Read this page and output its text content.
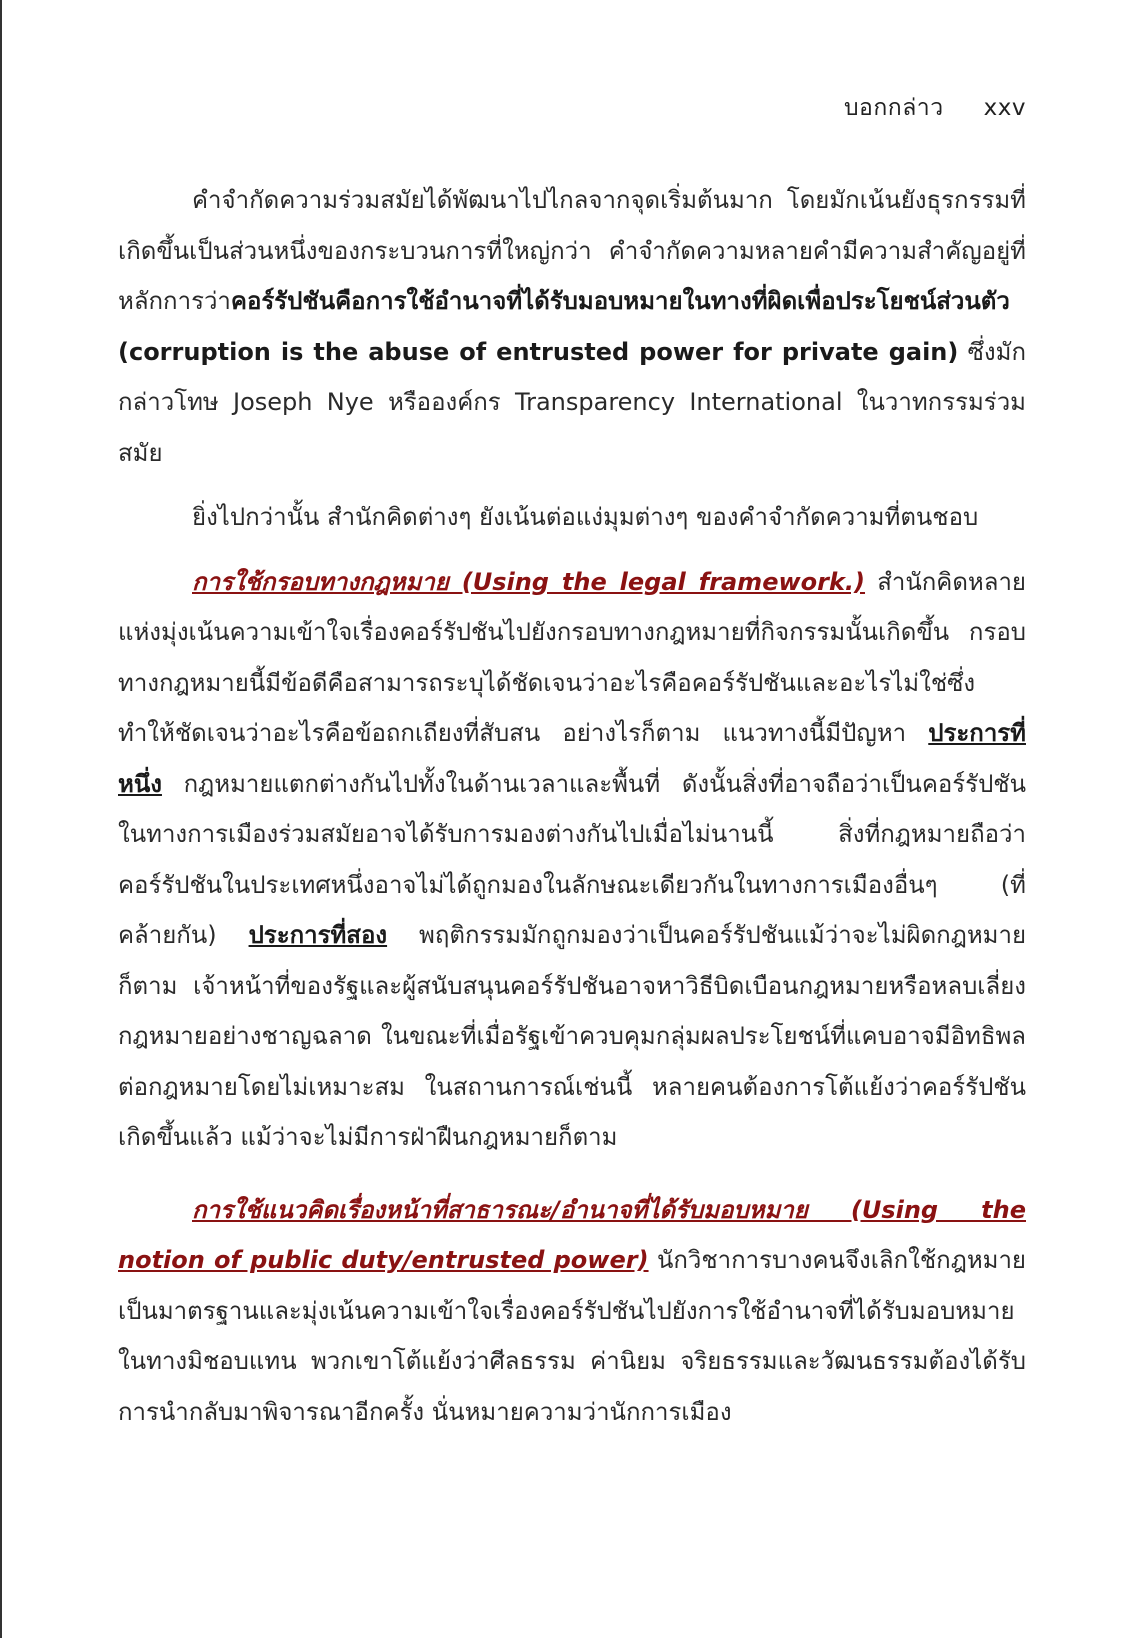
บอกกล่าว xxv

คำจำกัดความร่วมสมัยได้พัฒนาไปไกลจากจุดเริ่มต้นมาก โดยมักเน้นยังธุรกรรมที่เกิดขึ้นเป็นส่วนหนึ่งของกระบวนการที่ใหญ่กว่า คำจำกัดความหลายคำมีความสำคัญอยู่ที่หลักการว่าคอร์รัปชันคือการใช้อำนาจที่ได้รับมอบหมายในทางที่ผิดเพื่อประโยชน์ส่วนตัว (corruption is the abuse of entrusted power for private gain) ซึ่งมักกล่าวโทษ Joseph Nye หรือองค์กร Transparency International ในวาทกรรมร่วมสมัย

ยิ่งไปกว่านั้น สำนักคิดต่างๆ ยังเน้นต่อแง่มุมต่างๆ ของคำจำกัดความที่ตนชอบ

การใช้กรอบทางกฎหมาย (Using the legal framework.) สำนักคิดหลายแห่งมุ่งเน้นความเข้าใจเรื่องคอร์รัปชันไปยังกรอบทางกฎหมายที่กิจกรรมนั้นเกิดขึ้น กรอบทางกฎหมายนี้มีข้อดีคือสามารถระบุได้ชัดเจนว่าอะไรคือคอร์รัปชันและอะไรไม่ใช่ซึ่งทำให้ชัดเจนว่าอะไรคือข้อถกเถียงที่สับสน อย่างไรก็ตาม แนวทางนี้มีปัญหา ประการที่หนึ่ง กฎหมายแตกต่างกันไปทั้งในด้านเวลาและพื้นที่ ดังนั้นสิ่งที่อาจถือว่าเป็นคอร์รัปชันในทางการเมืองร่วมสมัยอาจได้รับการมองต่างกันไปเมื่อไม่นานนี้ สิ่งที่กฎหมายถือว่าคอร์รัปชันในประเทศหนึ่งอาจไม่ได้ถูกมองในลักษณะเดียวกันในทางการเมืองอื่นๆ (ที่คล้ายกัน) ประการที่สอง พฤติกรรมมักถูกมองว่าเป็นคอร์รัปชันแม้ว่าจะไม่ผิดกฎหมายก็ตาม เจ้าหน้าที่ของรัฐและผู้สนับสนุนคอร์รัปชันอาจหาวิธีบิดเบือนกฎหมายหรือหลบเลี่ยงกฎหมายอย่างชาญฉลาด ในขณะที่เมื่อรัฐเข้าควบคุมกลุ่มผลประโยชน์ที่แคบอาจมีอิทธิพลต่อกฎหมายโดยไม่เหมาะสม ในสถานการณ์เช่นนี้ หลายคนต้องการโต้แย้งว่าคอร์รัปชันเกิดขึ้นแล้ว แม้ว่าจะไม่มีการฝ่าฝืนกฎหมายก็ตาม

การใช้แนวคิดเรื่องหน้าที่สาธารณะ/อำนาจที่ได้รับมอบหมาย (Using the notion of public duty/entrusted power) นักวิชาการบางคนจึงเลิกใช้กฎหมายเป็นมาตรฐานและมุ่งเน้นความเข้าใจเรื่องคอร์รัปชันไปยังการใช้อำนาจที่ได้รับมอบหมายในทางมิชอบแทน พวกเขาโต้แย้งว่าศีลธรรม ค่านิยม จริยธรรมและวัฒนธรรมต้องได้รับการนำกลับมาพิจารณาอีกครั้ง นั่นหมายความว่านักการเมือง
